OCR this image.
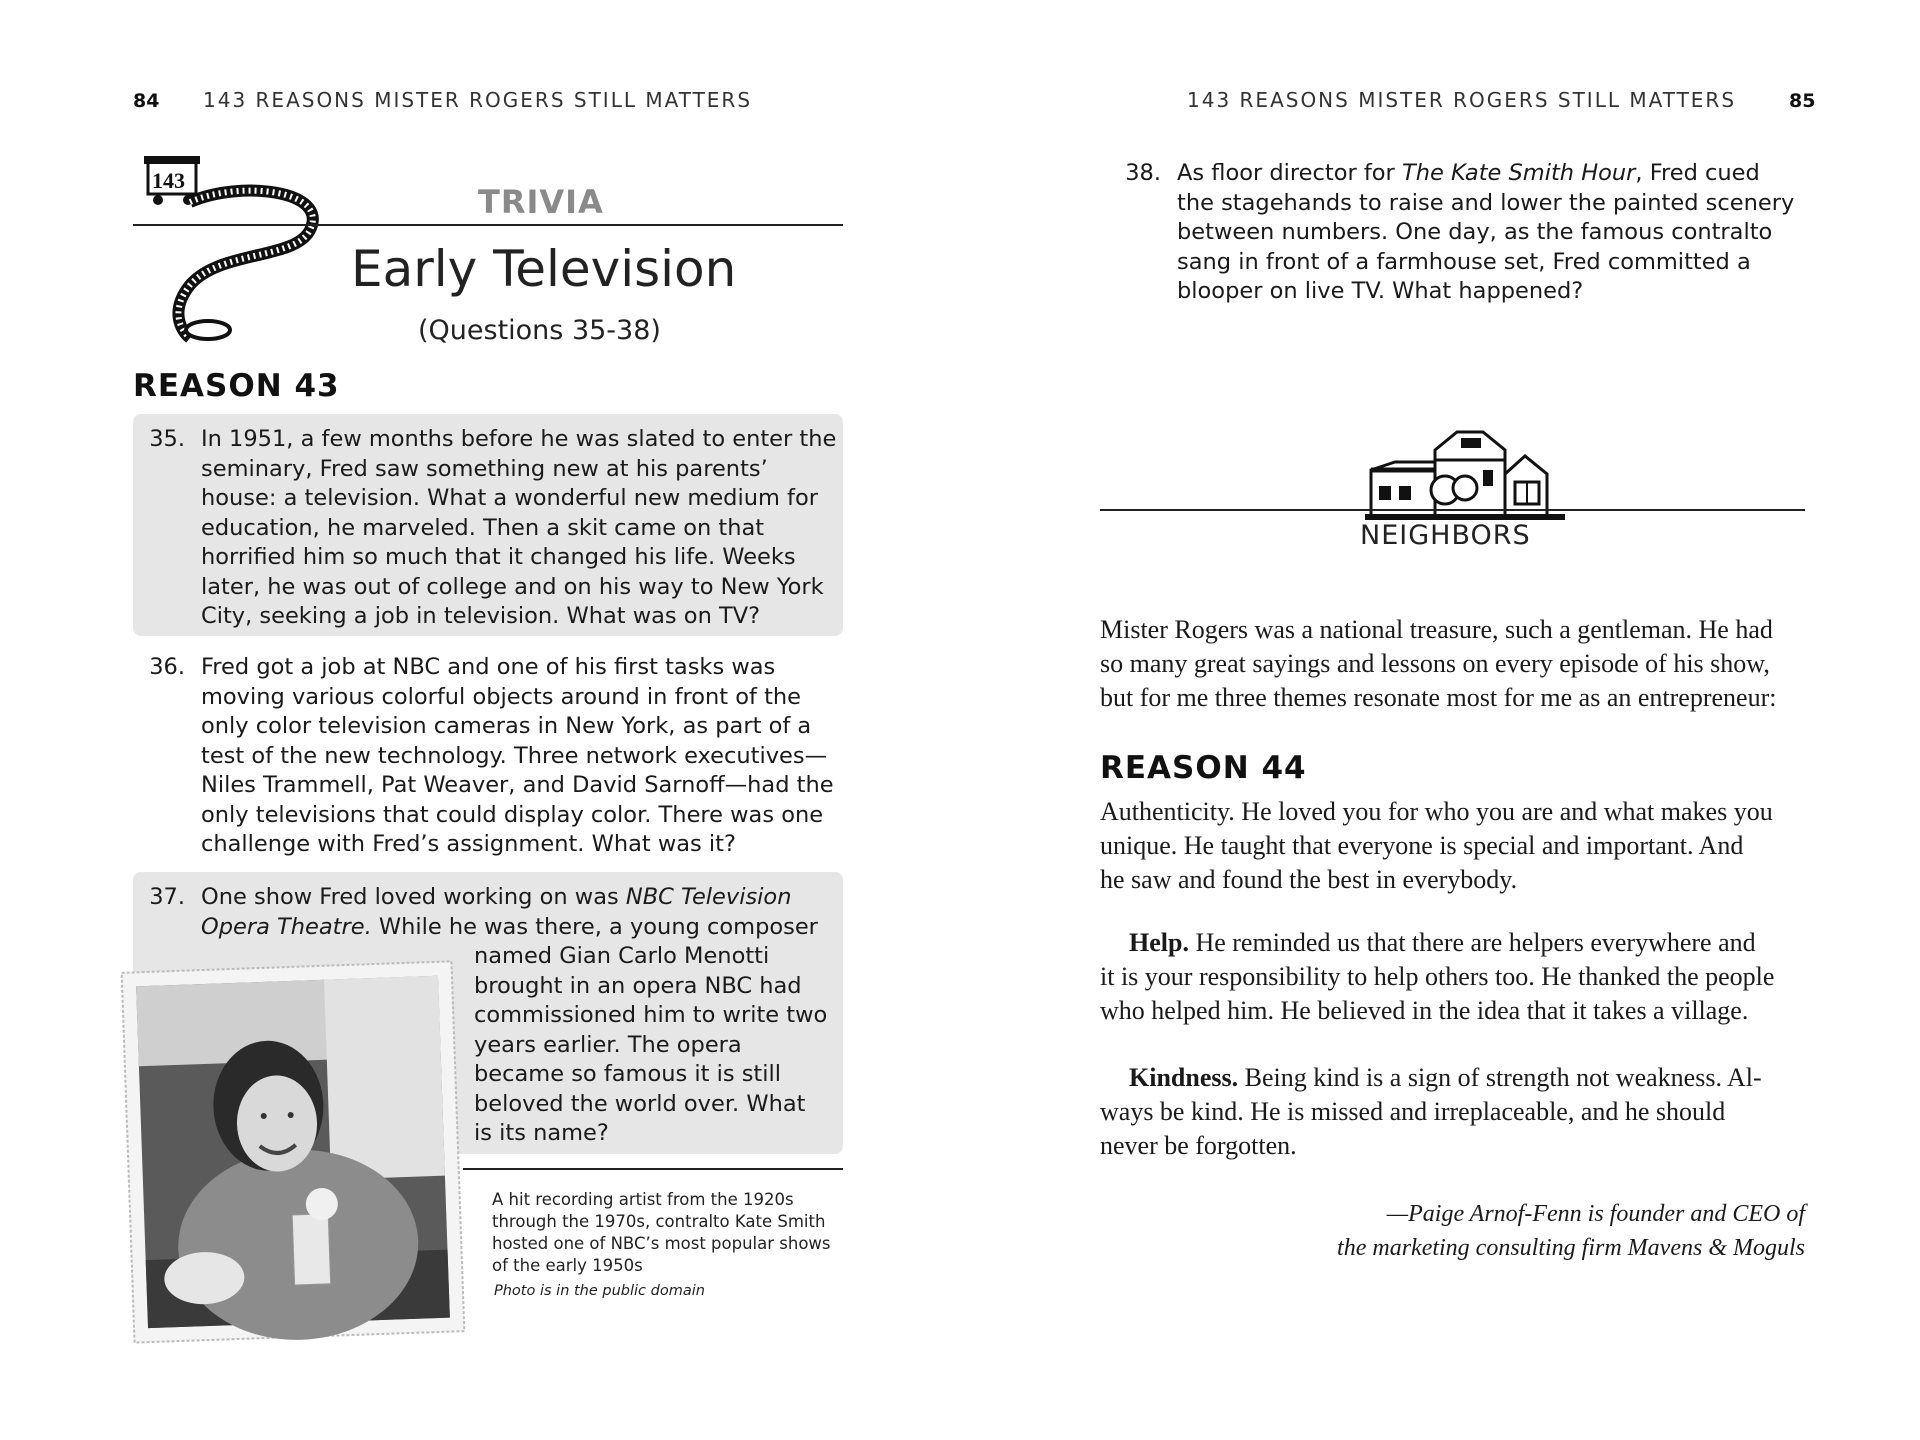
84 143 REASONS MISTER ROGERS STILL MATTERS
143
TRIVIA
Early Television
(Questions 35-38)
REASON 43
35. In 1951, a few months before he was slated to enter the
seminary, Fred saw something new at his parents’
house: a television. What a wonderful new medium for
education, he marveled. Then a skit came on that
horrified him so much that it changed his life. Weeks
later, he was out of college and on his way to New York
City, seeking a job in television. What was on TV?
36. Fred got a job at NBC and one of his first tasks was
moving various colorful objects around in front of the
only color television cameras in New York, as part of a
test of the new technology. Three network executives—
Niles Trammell, Pat Weaver, and David Sarnoff—had the
only televisions that could display color. There was one
challenge with Fred’s assignment. What was it?
37. One show Fred loved working on was NBC Television
Opera Theatre. While he was there, a young composer
named Gian Carlo Menotti
brought in an opera NBC had
commissioned him to write two
years earlier. The opera
became so famous it is still
beloved the world over. What
is its name?
A hit recording artist from the 1920s
through the 1970s, contralto Kate Smith
hosted one of NBC’s most popular shows
of the early 1950s
Photo is in the public domain
143 REASONS MISTER ROGERS STILL MATTERS	85
38. As floor director for The Kate Smith Hour, Fred cued
the stagehands to raise and lower the painted scenery
between numbers. One day, as the famous contralto
sang in front of a farmhouse set, Fred committed a
blooper on live TV. What happened?
NEIGHBORS
Mister Rogers was a national treasure, such a gentleman. He had
so many great sayings and lessons on every episode of his show,
but for me three themes resonate most for me as an entrepreneur:
REASON 44
Authenticity. He loved you for who you are and what makes you
unique. He taught that everyone is special and important. And
he saw and found the best in everybody.
Help. He reminded us that there are helpers everywhere and
it is your responsibility to help others too. He thanked the people
who helped him. He believed in the idea that it takes a village.
Kindness. Being kind is a sign of strength not weakness. Al-
ways be kind. He is missed and irreplaceable, and he should
never be forgotten.
—Paige Arnof-Fenn is founder and CEO of
the marketing consulting firm Mavens & Moguls
